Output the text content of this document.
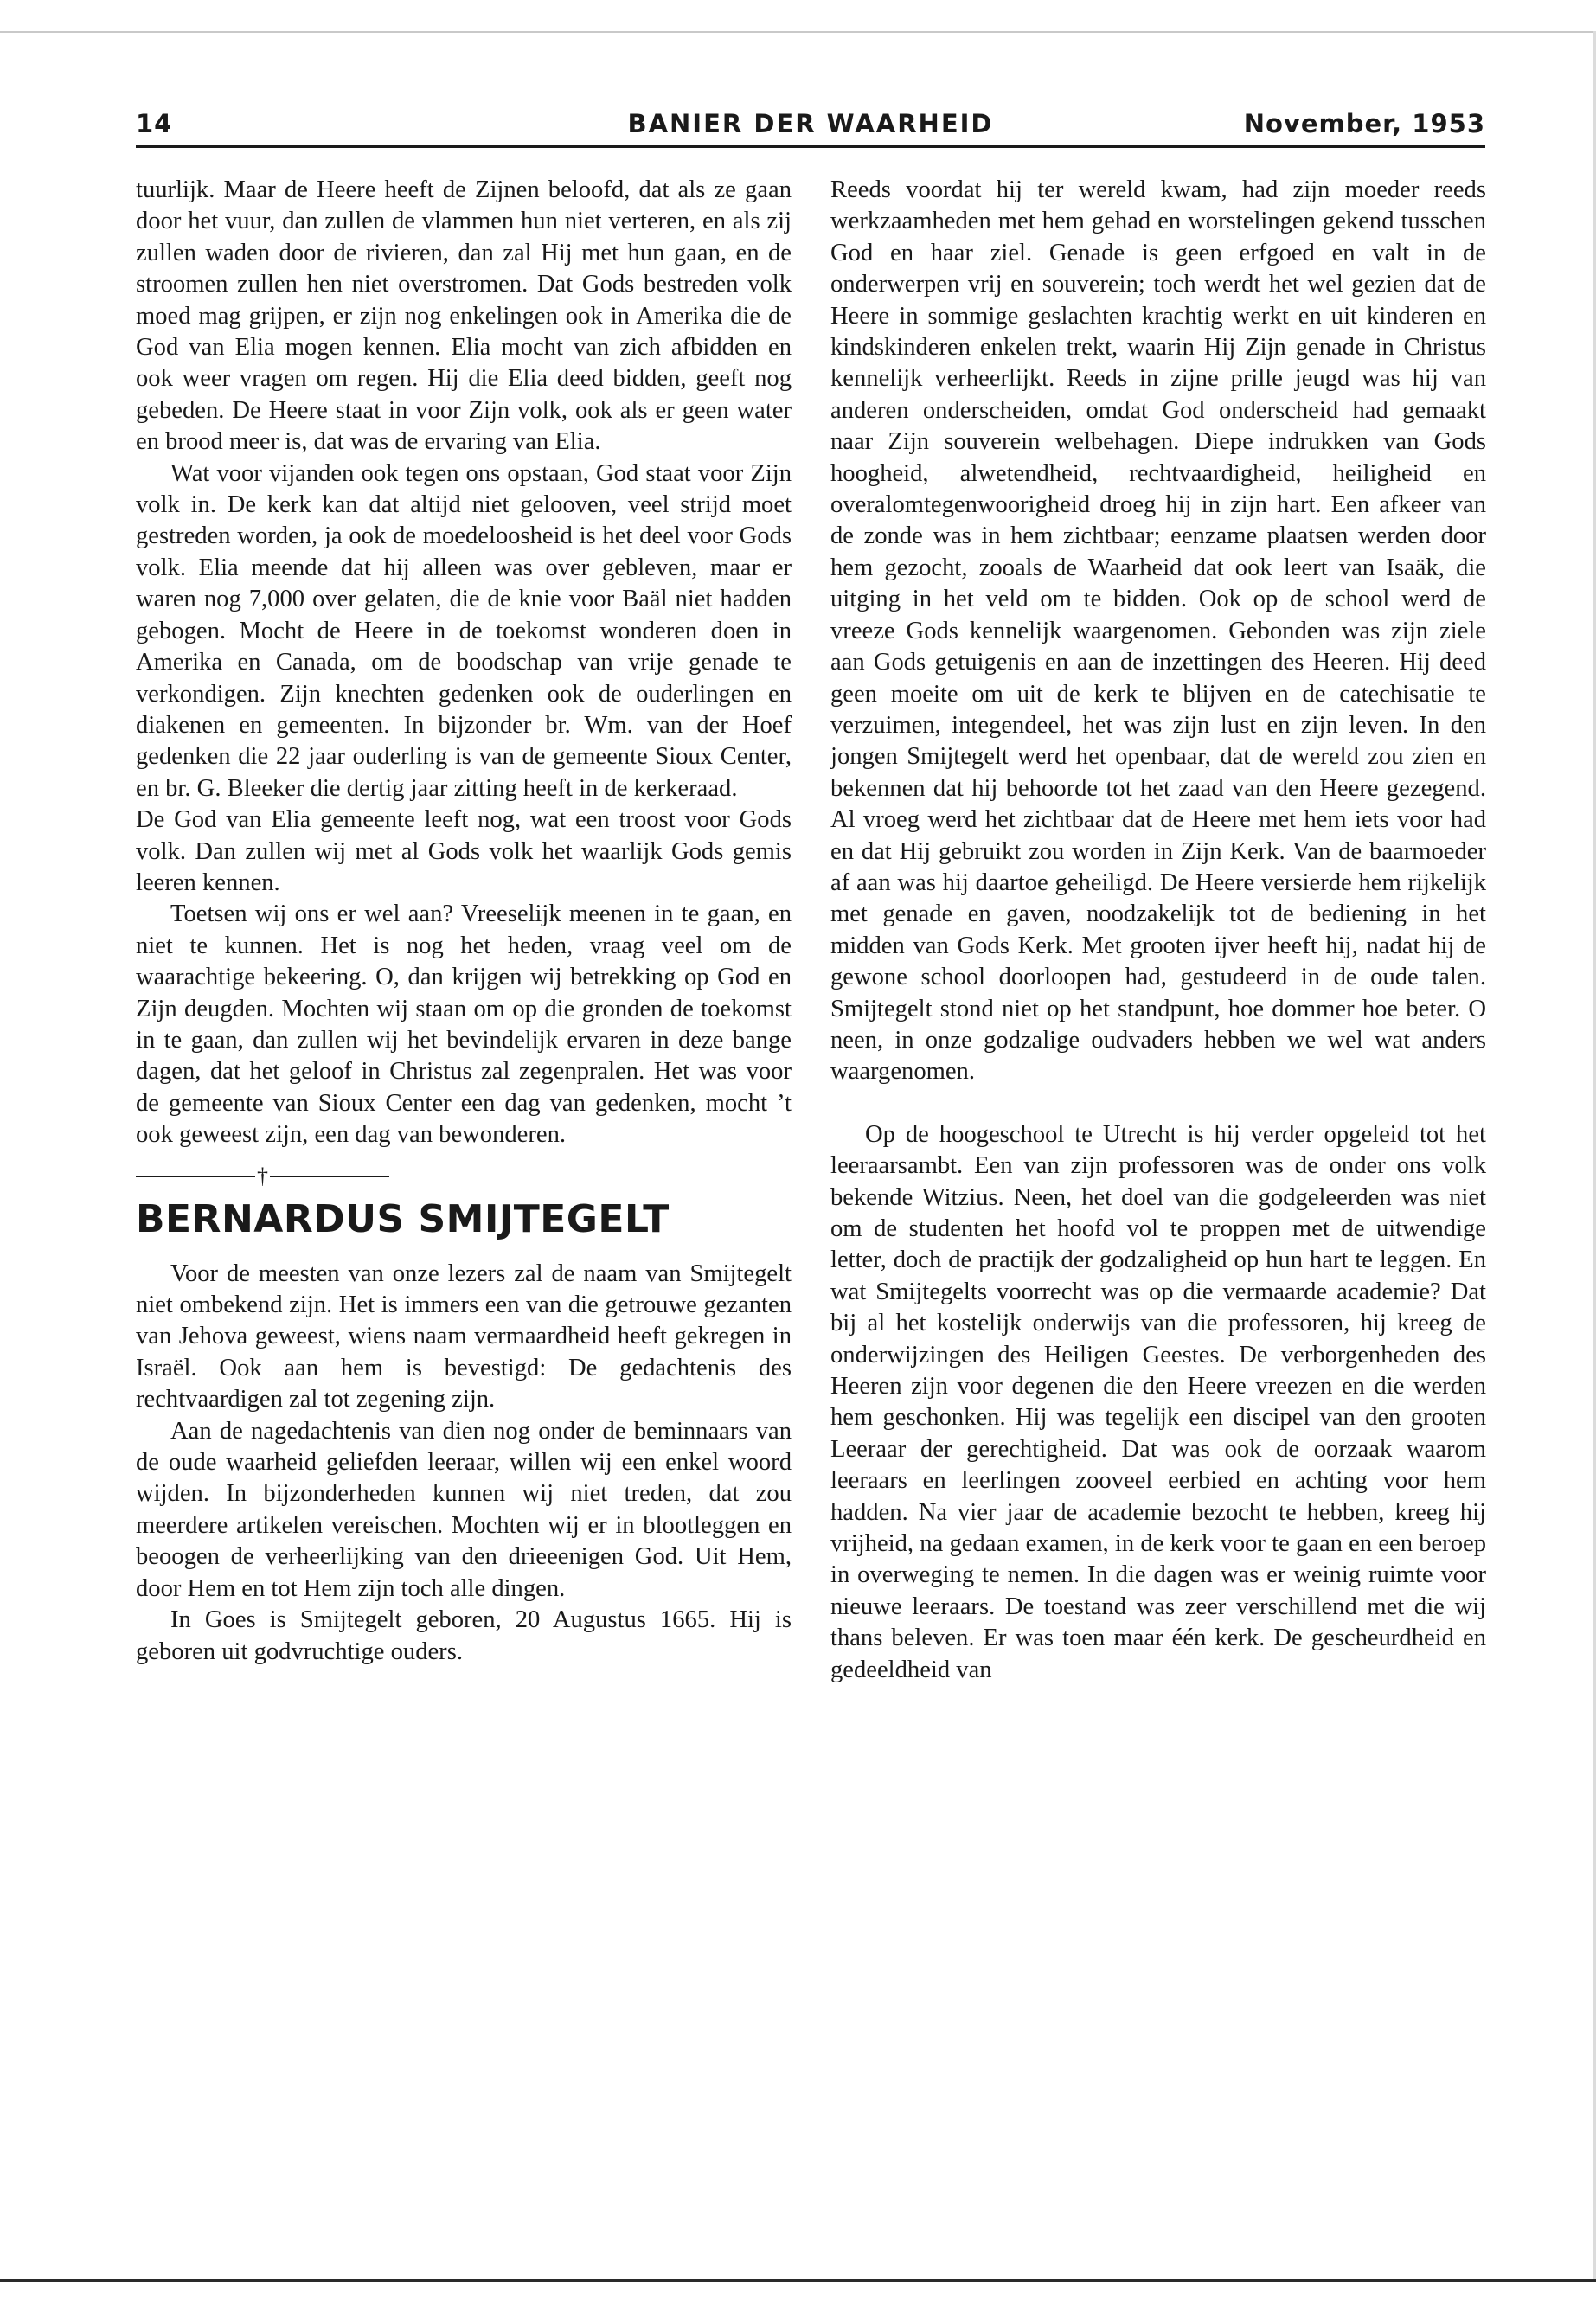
14	BANIER DER WAARHEID	November, 1953

tuurlijk. Maar de Heere heeft de Zijnen beloofd, dat als ze gaan door het vuur, dan zullen de vlammen hun niet verteren, en als zij zullen waden door de rivieren, dan zal Hij met hun gaan, en de stroomen zullen hen niet overstromen. Dat Gods bestreden volk moed mag grijpen, er zijn nog enkelingen ook in Amerika die de God van Elia mogen kennen. Elia mocht van zich afbidden en ook weer vragen om regen. Hij die Elia deed bidden, geeft nog gebeden. De Heere staat in voor Zijn volk, ook als er geen water en brood meer is, dat was de ervaring van Elia.

Wat voor vijanden ook tegen ons opstaan, God staat voor Zijn volk in. De kerk kan dat altijd niet gelooven, veel strijd moet gestreden worden, ja ook de moedeloosheid is het deel voor Gods volk. Elia meende dat hij alleen was over gebleven, maar er waren nog 7,000 over gelaten, die de knie voor Baäl niet hadden gebogen. Mocht de Heere in de toekomst wonderen doen in Amerika en Canada, om de boodschap van vrije genade te verkondigen. Zijn knechten gedenken ook de ouderlingen en diakenen en gemeenten. In bijzonder br. Wm. van der Hoef gedenken die 22 jaar ouderling is van de gemeente Sioux Center, en br. G. Bleeker die dertig jaar zitting heeft in de kerkeraad.

De God van Elia gemeente leeft nog, wat een troost voor Gods volk. Dan zullen wij met al Gods volk het waarlijk Gods gemis leeren kennen.

Toetsen wij ons er wel aan? Vreeselijk meenen in te gaan, en niet te kunnen. Het is nog het heden, vraag veel om de waarachtige bekeering. O, dan krijgen wij betrekking op God en Zijn deugden. Mochten wij staan om op die gronden de toekomst in te gaan, dan zullen wij het bevindelijk ervaren in deze bange dagen, dat het geloof in Christus zal zegenpralen. Het was voor de gemeente van Sioux Center een dag van gedenken, mocht ’t ook geweest zijn, een dag van bewonderen.

†
BERNARDUS SMIJTEGELT

Voor de meesten van onze lezers zal de naam van Smijtegelt niet ombekend zijn. Het is immers een van die getrouwe gezanten van Jehova geweest, wiens naam vermaardheid heeft gekregen in Israël. Ook aan hem is bevestigd: De gedachtenis des rechtvaardigen zal tot zegening zijn.

Aan de nagedachtenis van dien nog onder de beminnaars van de oude waarheid geliefden leeraar, willen wij een enkel woord wijden. In bijzonderheden kunnen wij niet treden, dat zou meerdere artikelen vereischen. Mochten wij er in blootleggen en beoogen de verheerlijking van den drieeenigen God. Uit Hem, door Hem en tot Hem zijn toch alle dingen.

In Goes is Smijtegelt geboren, 20 Augustus 1665. Hij is geboren uit godvruchtige ouders.

Reeds voordat hij ter wereld kwam, had zijn moeder reeds werkzaamheden met hem gehad en worstelingen gekend tusschen God en haar ziel. Genade is geen erfgoed en valt in de onderwerpen vrij en souverein; toch werdt het wel gezien dat de Heere in sommige geslachten krachtig werkt en uit kinderen en kindskinderen enkelen trekt, waarin Hij Zijn genade in Christus kennelijk verheerlijkt. Reeds in zijne prille jeugd was hij van anderen onderscheiden, omdat God onderscheid had gemaakt naar Zijn souverein welbehagen. Diepe indrukken van Gods hoogheid, alwetendheid, rechtvaardigheid, heiligheid en overalomtegenwoorigheid droeg hij in zijn hart. Een afkeer van de zonde was in hem zichtbaar; eenzame plaatsen werden door hem gezocht, zooals de Waarheid dat ook leert van Isaäk, die uitging in het veld om te bidden. Ook op de school werd de vreeze Gods kennelijk waargenomen. Gebonden was zijn ziele aan Gods getuigenis en aan de inzettingen des Heeren. Hij deed geen moeite om uit de kerk te blijven en de catechisatie te verzuimen, integendeel, het was zijn lust en zijn leven. In den jongen Smijtegelt werd het openbaar, dat de wereld zou zien en bekennen dat hij behoorde tot het zaad van den Heere gezegend. Al vroeg werd het zichtbaar dat de Heere met hem iets voor had en dat Hij gebruikt zou worden in Zijn Kerk. Van de baarmoeder af aan was hij daartoe geheiligd. De Heere versierde hem rijkelijk met genade en gaven, noodzakelijk tot de bediening in het midden van Gods Kerk. Met grooten ijver heeft hij, nadat hij de gewone school doorloopen had, gestudeerd in de oude talen. Smijtegelt stond niet op het standpunt, hoe dommer hoe beter. O neen, in onze godzalige oudvaders hebben we wel wat anders waargenomen.

Op de hoogeschool te Utrecht is hij verder opgeleid tot het leeraarsambt. Een van zijn professoren was de onder ons volk bekende Witzius. Neen, het doel van die godgeleerden was niet om de studenten het hoofd vol te proppen met de uitwendige letter, doch de practijk der godzaligheid op hun hart te leggen. En wat Smijtegelts voorrecht was op die vermaarde academie? Dat bij al het kostelijk onderwijs van die professoren, hij kreeg de onderwijzingen des Heiligen Geestes. De verborgenheden des Heeren zijn voor degenen die den Heere vreezen en die werden hem geschonken. Hij was tegelijk een discipel van den grooten Leeraar der gerechtigheid. Dat was ook de oorzaak waarom leeraars en leerlingen zooveel eerbied en achting voor hem hadden. Na vier jaar de academie bezocht te hebben, kreeg hij vrijheid, na gedaan examen, in de kerk voor te gaan en een beroep in overweging te nemen. In die dagen was er weinig ruimte voor nieuwe leeraars. De toestand was zeer verschillend met die wij thans beleven. Er was toen maar één kerk. De gescheurdheid en gedeeldheid van
